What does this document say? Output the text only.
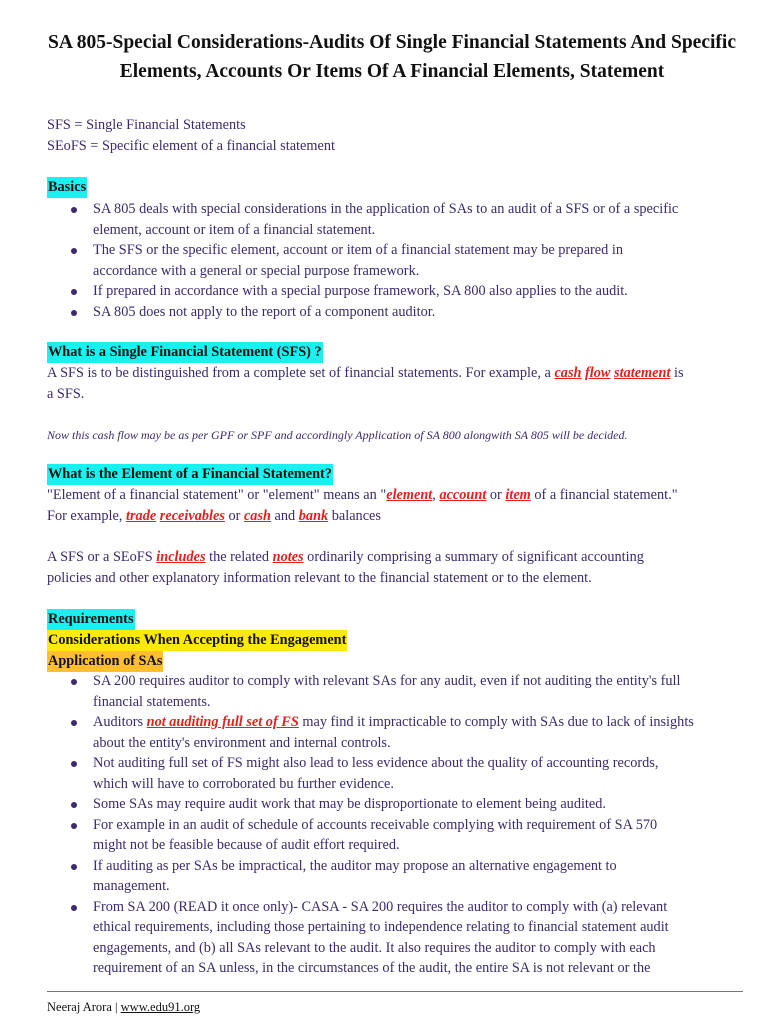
SA 805-Special Considerations-Audits Of Single Financial Statements And Specific Elements, Accounts Or Items Of A Financial Elements, Statement
SFS = Single Financial Statements
SEoFS = Specific element of a financial statement
Basics
SA 805 deals with special considerations in the application of SAs to an audit of a SFS or of a specific
element, account or item of a financial statement.
The SFS or the specific element, account or item of a financial statement may be prepared in
accordance with a general or special purpose framework.
If prepared in accordance with a special purpose framework, SA 800 also applies to the audit.
SA 805 does not apply to the report of a component auditor.
What is a Single Financial Statement (SFS) ?
A SFS is to be distinguished from a complete set of financial statements. For example, a cash flow statement is
a SFS.
Now this cash flow may be as per GPF or SPF and accordingly Application of SA 800 alongwith SA 805 will be decided.
What is the Element of a Financial Statement?
"Element of a financial statement" or "element" means an "element, account or item of a financial statement."
For example, trade receivables or cash and bank balances
A SFS or a SEoFS includes the related notes ordinarily comprising a summary of significant accounting
policies and other explanatory information relevant to the financial statement or to the element.
Requirements
Considerations When Accepting the Engagement
Application of SAs
SA 200 requires auditor to comply with relevant SAs for any audit, even if not auditing the entity's full
financial statements.
Auditors not auditing full set of FS may find it impracticable to comply with SAs due to lack of insights
about the entity's environment and internal controls.
Not auditing full set of FS might also lead to less evidence about the quality of accounting records,
which will have to corroborated bu further evidence.
Some SAs may require audit work that may be disproportionate to element being audited.
For example in an audit of schedule of accounts receivable complying with requirement of SA 570
might not be feasible because of audit effort required.
If auditing as per SAs be impractical, the auditor may propose an alternative engagement to
management.
From SA 200 (READ it once only)- CASA - SA 200 requires the auditor to comply with (a) relevant
ethical requirements, including those pertaining to independence relating to financial statement audit
engagements, and (b) all SAs relevant to the audit. It also requires the auditor to comply with each
requirement of an SA unless, in the circumstances of the audit, the entire SA is not relevant or the
Neeraj Arora | www.edu91.org
